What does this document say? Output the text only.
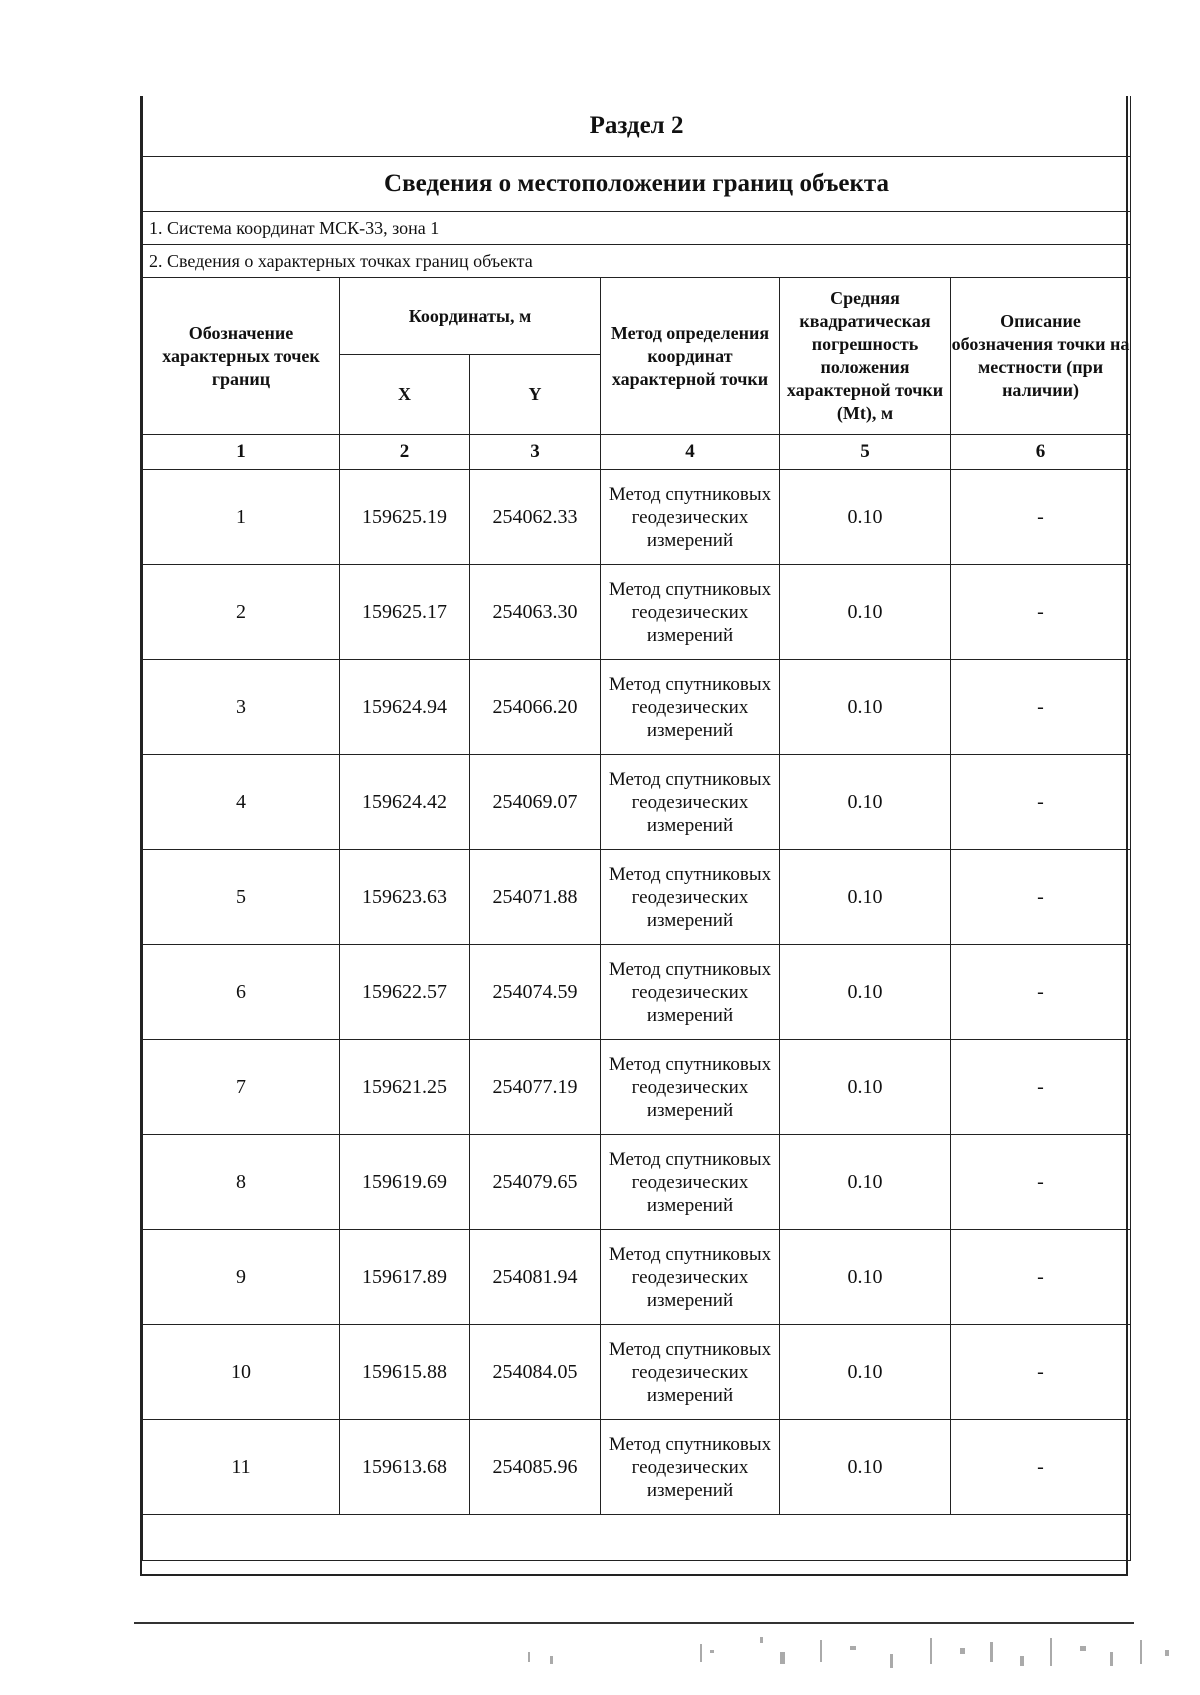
Раздел 2					
Сведения о местоположении границ объекта					
1. Система координат МСК-33, зона 1					
2. Сведения о характерных точках границ объекта					
Обозначение характерных точек границ	Координаты, м		Метод определения координат характерной точки	Средняя квадратическая погрешность положения характерной точки (Mt), м	Описание обозначения точки на местности (при наличии)
	X	Y			
1	2	3	4	5	6
1	159625.19	254062.33	Метод спутниковых геодезических измерений	0.10	-
2	159625.17	254063.30	Метод спутниковых геодезических измерений	0.10	-
3	159624.94	254066.20	Метод спутниковых геодезических измерений	0.10	-
4	159624.42	254069.07	Метод спутниковых геодезических измерений	0.10	-
5	159623.63	254071.88	Метод спутниковых геодезических измерений	0.10	-
6	159622.57	254074.59	Метод спутниковых геодезических измерений	0.10	-
7	159621.25	254077.19	Метод спутниковых геодезических измерений	0.10	-
8	159619.69	254079.65	Метод спутниковых геодезических измерений	0.10	-
9	159617.89	254081.94	Метод спутниковых геодезических измерений	0.10	-
10	159615.88	254084.05	Метод спутниковых геодезических измерений	0.10	-
11	159613.68	254085.96	Метод спутниковых геодезических измерений	0.10	-
